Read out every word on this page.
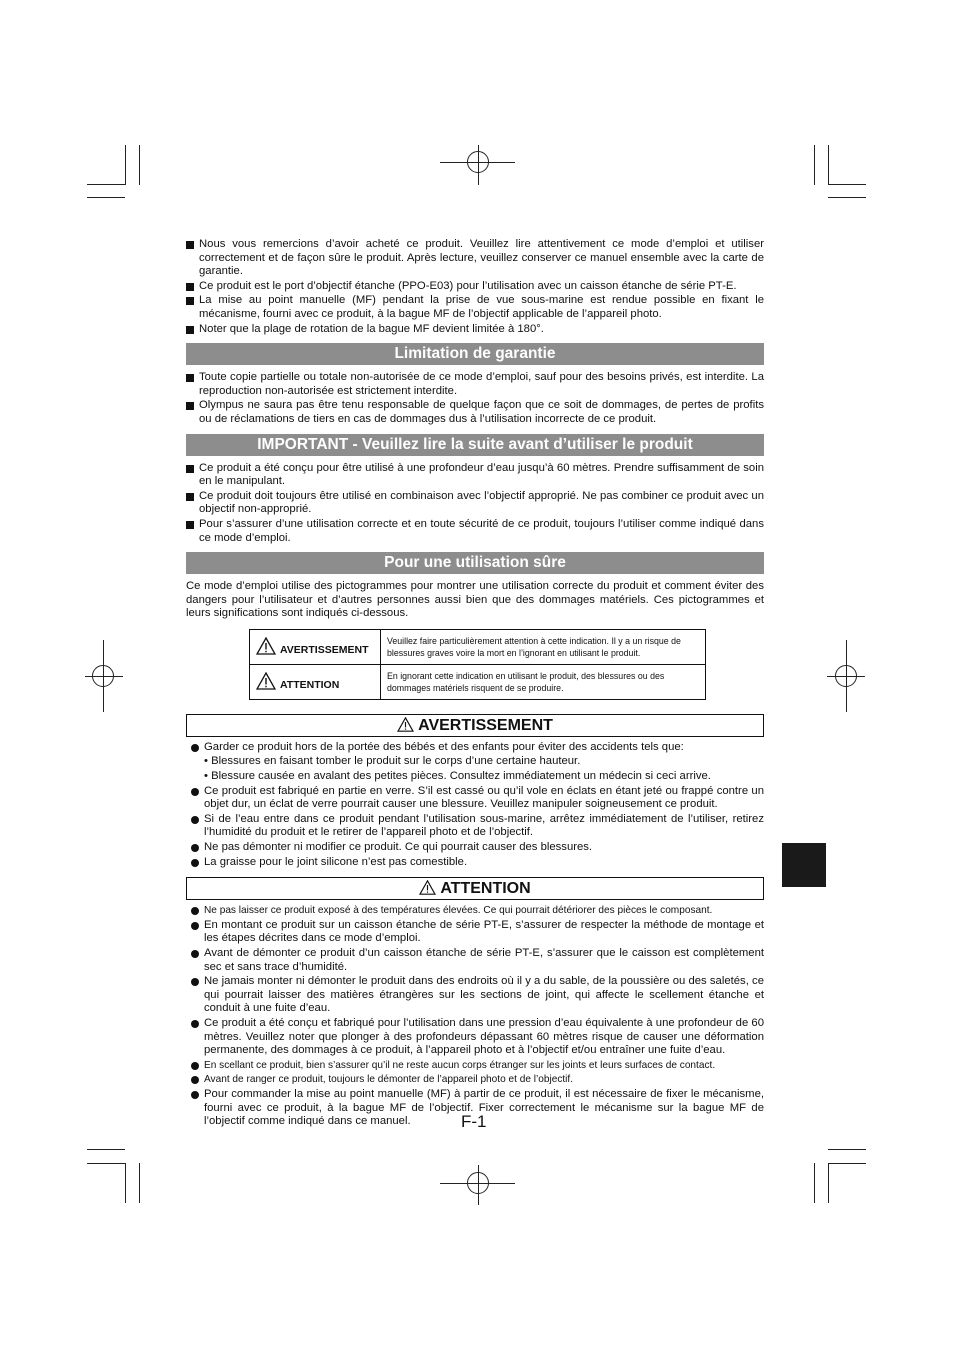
Nous vous remercions d’avoir acheté ce produit. Veuillez lire attentivement ce mode d’emploi et utiliser correctement et de façon sûre le produit. Après lecture, veuillez conserver ce manuel ensemble avec la carte de garantie.
Ce produit est le port d’objectif étanche (PPO-E03) pour l’utilisation avec un caisson étanche de série PT-E.
La mise au point manuelle (MF) pendant la prise de vue sous-marine est rendue possible en fixant le mécanisme, fourni avec ce produit, à la bague MF de l’objectif applicable de l’appareil photo.
Noter que la plage de rotation de la bague MF devient limitée à 180°.
Limitation de garantie
Toute copie partielle ou totale non-autorisée de ce mode d’emploi, sauf pour des besoins privés, est interdite. La reproduction non-autorisée est strictement interdite.
Olympus ne saura pas être tenu responsable de quelque façon que ce soit de dommages, de pertes de profits ou de réclamations de tiers en cas de dommages dus à l’utilisation incorrecte de ce produit.
IMPORTANT - Veuillez lire la suite avant d’utiliser le produit
Ce produit a été conçu pour être utilisé à une profondeur d’eau jusqu’à 60 mètres. Prendre suffisamment de soin en le manipulant.
Ce produit doit toujours être utilisé en combinaison avec l’objectif approprié. Ne pas combiner ce produit avec un objectif non-approprié.
Pour s’assurer d’une utilisation correcte et en toute sécurité de ce produit, toujours l’utiliser comme indiqué dans ce mode d’emploi.
Pour une utilisation sûre

Ce mode d’emploi utilise des pictogrammes pour montrer une utilisation correcte du produit et comment éviter des dangers pour l’utilisateur et d’autres personnes aussi bien que des dommages matériels. Ces pictogrammes et leurs significations sont indiqués ci-dessous.

AVERTISSEMENT	Veuillez faire particulièrement attention à cette indication. Il y a un risque de blessures graves voire la mort en l’ignorant en utilisant le produit.
ATTENTION	En ignorant cette indication en utilisant le produit, des blessures ou des dommages matériels risquent de se produire.
AVERTISSEMENT
Garder ce produit hors de la portée des bébés et des enfants pour éviter des accidents tels que:
• Blessures en faisant tomber le produit sur le corps d’une certaine hauteur.
• Blessure causée en avalant des petites pièces. Consultez immédiatement un médecin si ceci arrive.
Ce produit est fabriqué en partie en verre. S’il est cassé ou qu’il vole en éclats en étant jeté ou frappé contre un objet dur, un éclat de verre pourrait causer une blessure. Veuillez manipuler soigneusement ce produit.
Si de l’eau entre dans ce produit pendant l’utilisation sous-marine, arrêtez immédiatement de l’utiliser, retirez l’humidité du produit et le retirer de l’appareil photo et de l’objectif.
Ne pas démonter ni modifier ce produit. Ce qui pourrait causer des blessures.
La graisse pour le joint silicone n’est pas comestible.
ATTENTION
Ne pas laisser ce produit exposé à des températures élevées. Ce qui pourrait détériorer des pièces le composant.
En montant ce produit sur un caisson étanche de série PT-E, s’assurer de respecter la méthode de montage et les étapes décrites dans ce mode d’emploi.
Avant de démonter ce produit d’un caisson étanche de série PT-E, s’assurer que le caisson est complètement sec et sans trace d’humidité.
Ne jamais monter ni démonter le produit dans des endroits où il y a du sable, de la poussière ou des saletés, ce qui pourrait laisser des matières étrangères sur les sections de joint, qui affecte le scellement étanche et conduit à une fuite d’eau.
Ce produit a été conçu et fabriqué pour l’utilisation dans une pression d’eau équivalente à une profondeur de 60 mètres. Veuillez noter que plonger à des profondeurs dépassant 60 mètres risque de causer une déformation permanente, des dommages à ce produit, à l’appareil photo et à l’objectif et/ou entraîner une fuite d’eau.
En scellant ce produit, bien s’assurer qu’il ne reste aucun corps étranger sur les joints et leurs surfaces de contact.
Avant de ranger ce produit, toujours le démonter de l’appareil photo et de l’objectif.
Pour commander la mise au point manuelle (MF) à partir de ce produit, il est nécessaire de fixer le mécanisme, fourni avec ce produit, à la bague MF de l’objectif. Fixer correctement le mécanisme sur la bague MF de l’objectif comme indiqué dans ce manuel.	F-1
